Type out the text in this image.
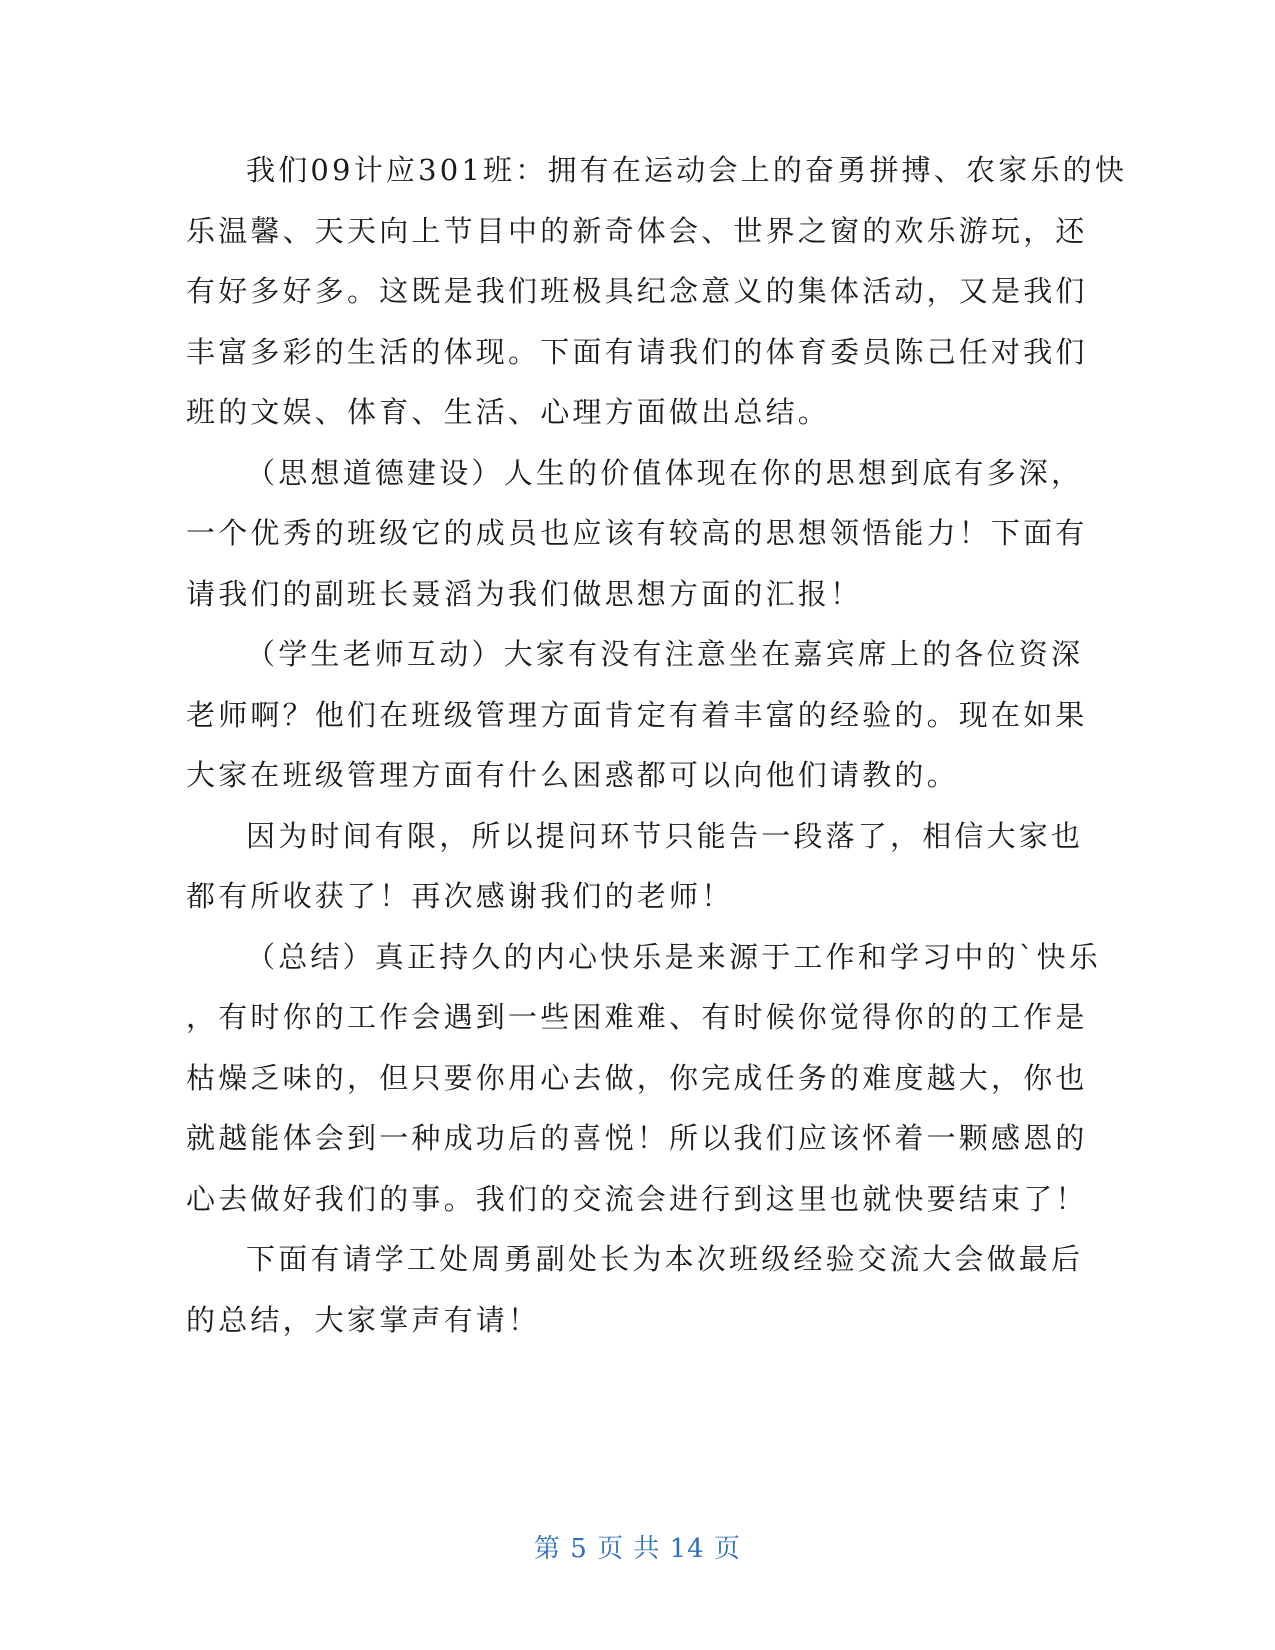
我们09计应301班：拥有在运动会上的奋勇拼搏、农家乐的快
乐温馨、天天向上节目中的新奇体会、世界之窗的欢乐游玩，还
有好多好多。这既是我们班极具纪念意义的集体活动，又是我们
丰富多彩的生活的体现。下面有请我们的体育委员陈己任对我们
班的文娱、体育、生活、心理方面做出总结。

（思想道德建设）人生的价值体现在你的思想到底有多深，
一个优秀的班级它的成员也应该有较高的思想领悟能力！下面有
请我们的副班长聂滔为我们做思想方面的汇报！

（学生老师互动）大家有没有注意坐在嘉宾席上的各位资深
老师啊？他们在班级管理方面肯定有着丰富的经验的。现在如果
大家在班级管理方面有什么困惑都可以向他们请教的。

因为时间有限，所以提问环节只能告一段落了，相信大家也
都有所收获了！再次感谢我们的老师！

（总结）真正持久的内心快乐是来源于工作和学习中的`快乐
，有时你的工作会遇到一些困难难、有时候你觉得你的的工作是
枯燥乏味的，但只要你用心去做，你完成任务的难度越大，你也
就越能体会到一种成功后的喜悦！所以我们应该怀着一颗感恩的
心去做好我们的事。我们的交流会进行到这里也就快要结束了！

下面有请学工处周勇副处长为本次班级经验交流大会做最后
的总结，大家掌声有请！

第 5 页 共 14 页
